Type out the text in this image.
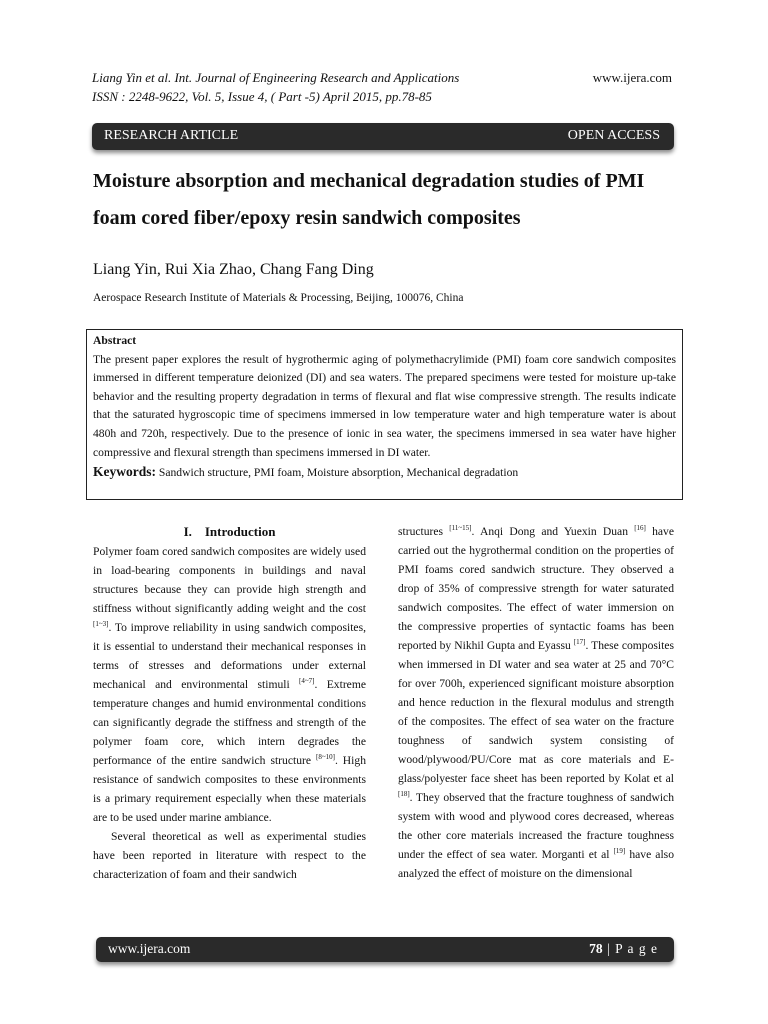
Liang Yin et al. Int. Journal of Engineering Research and Applications
ISSN : 2248-9622, Vol. 5, Issue 4, ( Part -5) April 2015, pp.78-85
www.ijera.com
RESEARCH ARTICLE	OPEN ACCESS
Moisture absorption and mechanical degradation studies of PMI foam cored fiber/epoxy resin sandwich composites
Liang Yin, Rui Xia Zhao, Chang Fang Ding
Aerospace Research Institute of Materials & Processing, Beijing, 100076, China
Abstract
The present paper explores the result of hygrothermic aging of polymethacrylimide (PMI) foam core sandwich composites immersed in different temperature deionized (DI) and sea waters. The prepared specimens were tested for moisture up-take behavior and the resulting property degradation in terms of flexural and flat wise compressive strength. The results indicate that the saturated hygroscopic time of specimens immersed in low temperature water and high temperature water is about 480h and 720h, respectively. Due to the presence of ionic in sea water, the specimens immersed in sea water have higher compressive and flexural strength than specimens immersed in DI water.
Keywords: Sandwich structure, PMI foam, Moisture absorption, Mechanical degradation
I.    Introduction

Polymer foam cored sandwich composites are widely used in load-bearing components in buildings and naval structures because they can provide high strength and stiffness without significantly adding weight and the cost [1~3]. To improve reliability in using sandwich composites, it is essential to understand their mechanical responses in terms of stresses and deformations under external mechanical and environmental stimuli [4~7]. Extreme temperature changes and humid environmental conditions can significantly degrade the stiffness and strength of the polymer foam core, which intern degrades the performance of the entire sandwich structure [8~10]. High resistance of sandwich composites to these environments is a primary requirement especially when these materials are to be used under marine ambiance.

Several theoretical as well as experimental studies have been reported in literature with respect to the characterization of foam and their sandwich

structures [11~15]. Anqi Dong and Yuexin Duan [16] have carried out the hygrothermal condition on the properties of PMI foams cored sandwich structure. They observed a drop of 35% of compressive strength for water saturated sandwich composites. The effect of water immersion on the compressive properties of syntactic foams has been reported by Nikhil Gupta and Eyassu [17]. These composites when immersed in DI water and sea water at 25 and 70°C for over 700h, experienced significant moisture absorption and hence reduction in the flexural modulus and strength of the composites. The effect of sea water on the fracture toughness of sandwich system consisting of wood/plywood/PU/Core mat as core materials and E-glass/polyester face sheet has been reported by Kolat et al [18]. They observed that the fracture toughness of sandwich system with wood and plywood cores decreased, whereas the other core materials increased the fracture toughness under the effect of sea water. Morganti et al [19] have also analyzed the effect of moisture on the dimensional

www.ijera.com	78 | P a g e
